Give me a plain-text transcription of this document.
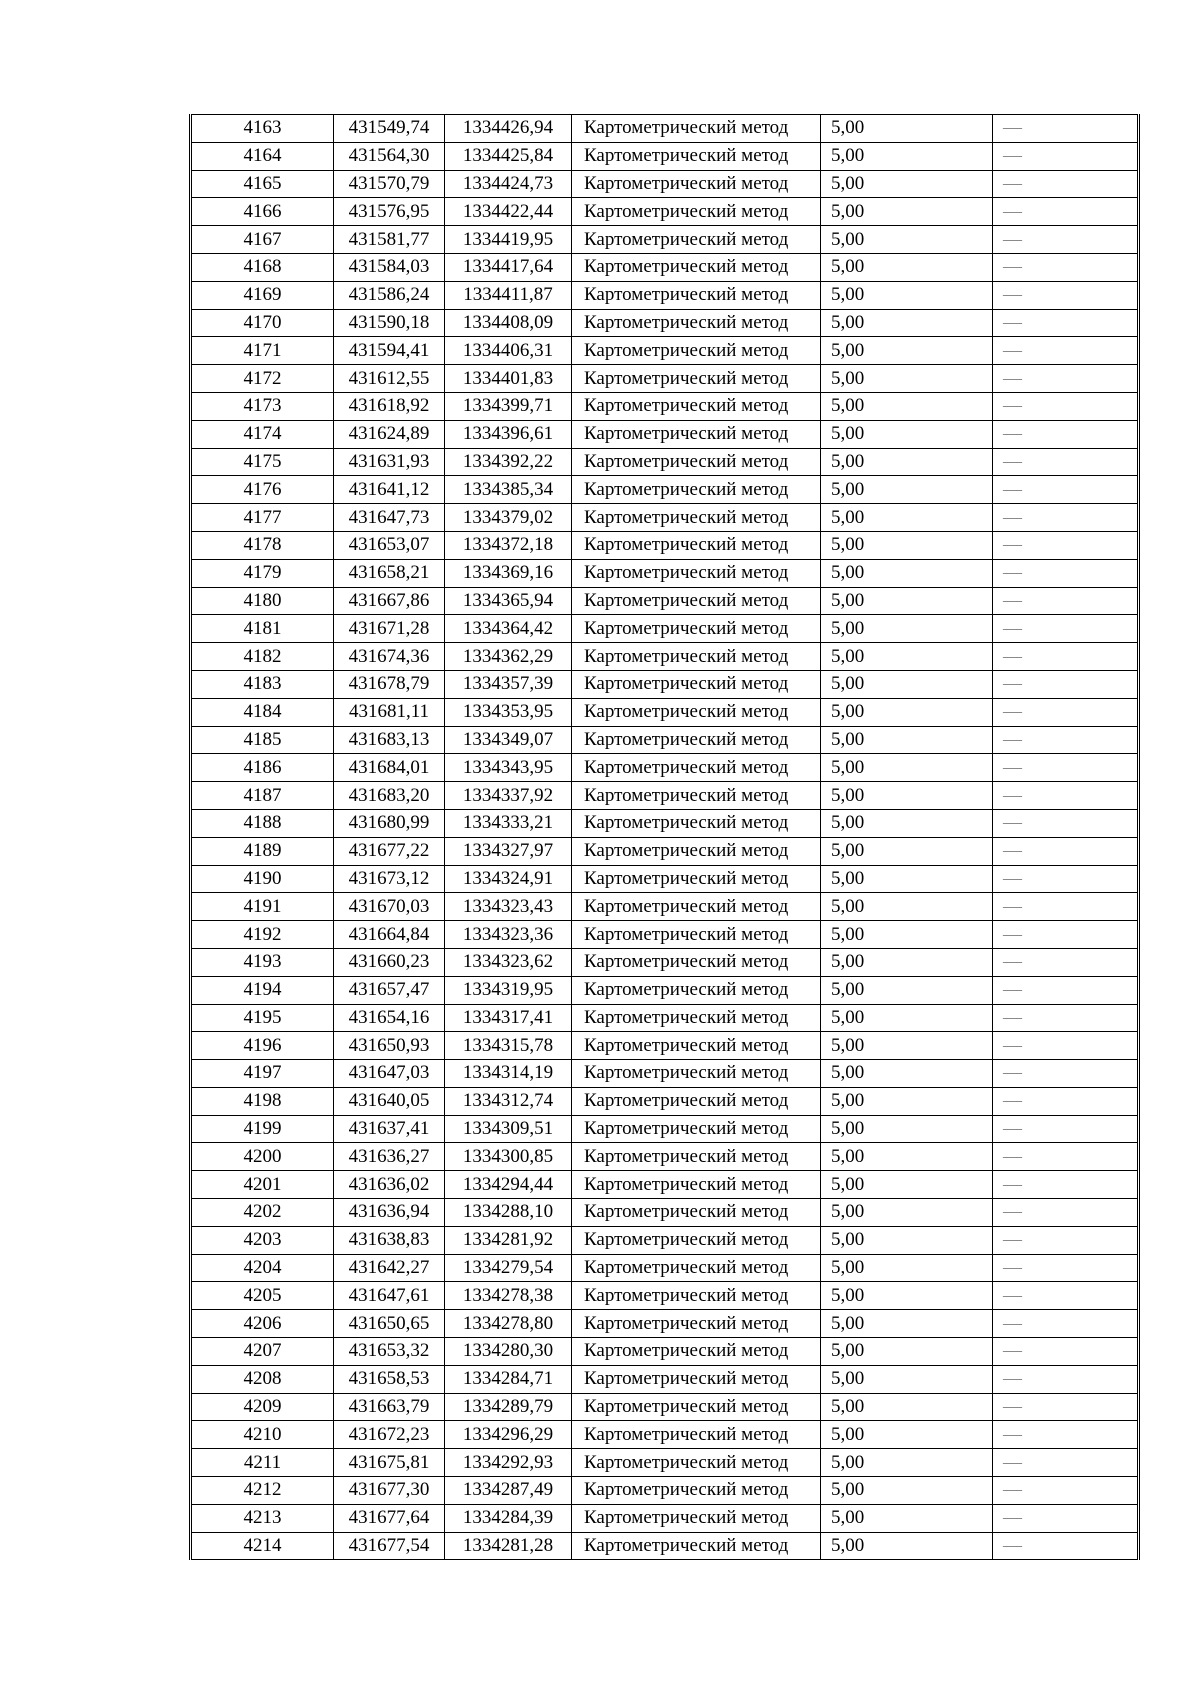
4163	431549,74	1334426,94	Картометрический метод	5,00	—
4164	431564,30	1334425,84	Картометрический метод	5,00	—
4165	431570,79	1334424,73	Картометрический метод	5,00	—
4166	431576,95	1334422,44	Картометрический метод	5,00	—
4167	431581,77	1334419,95	Картометрический метод	5,00	—
4168	431584,03	1334417,64	Картометрический метод	5,00	—
4169	431586,24	1334411,87	Картометрический метод	5,00	—
4170	431590,18	1334408,09	Картометрический метод	5,00	—
4171	431594,41	1334406,31	Картометрический метод	5,00	—
4172	431612,55	1334401,83	Картометрический метод	5,00	—
4173	431618,92	1334399,71	Картометрический метод	5,00	—
4174	431624,89	1334396,61	Картометрический метод	5,00	—
4175	431631,93	1334392,22	Картометрический метод	5,00	—
4176	431641,12	1334385,34	Картометрический метод	5,00	—
4177	431647,73	1334379,02	Картометрический метод	5,00	—
4178	431653,07	1334372,18	Картометрический метод	5,00	—
4179	431658,21	1334369,16	Картометрический метод	5,00	—
4180	431667,86	1334365,94	Картометрический метод	5,00	—
4181	431671,28	1334364,42	Картометрический метод	5,00	—
4182	431674,36	1334362,29	Картометрический метод	5,00	—
4183	431678,79	1334357,39	Картометрический метод	5,00	—
4184	431681,11	1334353,95	Картометрический метод	5,00	—
4185	431683,13	1334349,07	Картометрический метод	5,00	—
4186	431684,01	1334343,95	Картометрический метод	5,00	—
4187	431683,20	1334337,92	Картометрический метод	5,00	—
4188	431680,99	1334333,21	Картометрический метод	5,00	—
4189	431677,22	1334327,97	Картометрический метод	5,00	—
4190	431673,12	1334324,91	Картометрический метод	5,00	—
4191	431670,03	1334323,43	Картометрический метод	5,00	—
4192	431664,84	1334323,36	Картометрический метод	5,00	—
4193	431660,23	1334323,62	Картометрический метод	5,00	—
4194	431657,47	1334319,95	Картометрический метод	5,00	—
4195	431654,16	1334317,41	Картометрический метод	5,00	—
4196	431650,93	1334315,78	Картометрический метод	5,00	—
4197	431647,03	1334314,19	Картометрический метод	5,00	—
4198	431640,05	1334312,74	Картометрический метод	5,00	—
4199	431637,41	1334309,51	Картометрический метод	5,00	—
4200	431636,27	1334300,85	Картометрический метод	5,00	—
4201	431636,02	1334294,44	Картометрический метод	5,00	—
4202	431636,94	1334288,10	Картометрический метод	5,00	—
4203	431638,83	1334281,92	Картометрический метод	5,00	—
4204	431642,27	1334279,54	Картометрический метод	5,00	—
4205	431647,61	1334278,38	Картометрический метод	5,00	—
4206	431650,65	1334278,80	Картометрический метод	5,00	—
4207	431653,32	1334280,30	Картометрический метод	5,00	—
4208	431658,53	1334284,71	Картометрический метод	5,00	—
4209	431663,79	1334289,79	Картометрический метод	5,00	—
4210	431672,23	1334296,29	Картометрический метод	5,00	—
4211	431675,81	1334292,93	Картометрический метод	5,00	—
4212	431677,30	1334287,49	Картометрический метод	5,00	—
4213	431677,64	1334284,39	Картометрический метод	5,00	—
4214	431677,54	1334281,28	Картометрический метод	5,00	—
